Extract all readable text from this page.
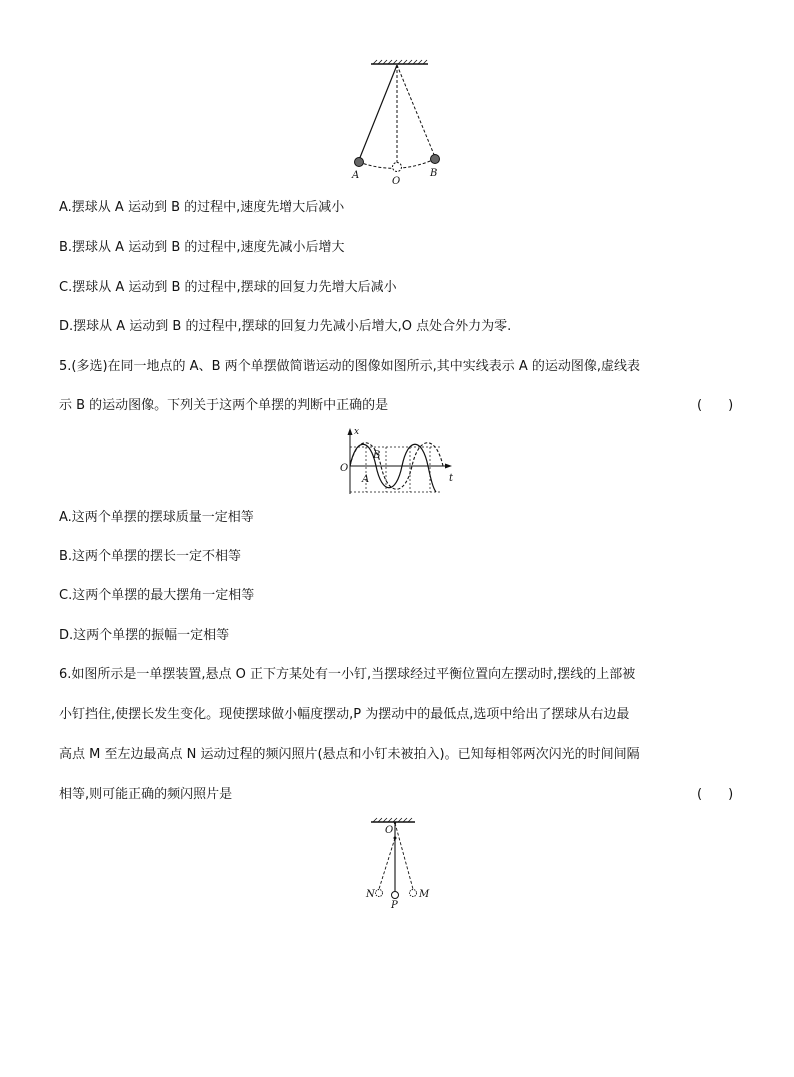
A
O
B
A.摆球从 A 运动到 B 的过程中,速度先增大后减小
B.摆球从 A 运动到 B 的过程中,速度先减小后增大
C.摆球从 A 运动到 B 的过程中,摆球的回复力先增大后减小
D.摆球从 A 运动到 B 的过程中,摆球的回复力先减小后增大,O 点处合外力为零.
5.(多选)在同一地点的 A、B 两个单摆做简谐运动的图像如图所示,其中实线表示 A 的运动图像,虚线表
示 B 的运动图像。下列关于这两个单摆的判断中正确的是	(　　)
x
t
O
B
A
A.这两个单摆的摆球质量一定相等
B.这两个单摆的摆长一定不相等
C.这两个单摆的最大摆角一定相等
D.这两个单摆的振幅一定相等
6.如图所示是一单摆装置,悬点 O 正下方某处有一小钉,当摆球经过平衡位置向左摆动时,摆线的上部被
小钉挡住,使摆长发生变化。现使摆球做小幅度摆动,P 为摆动中的最低点,选项中给出了摆球从右边最
高点 M 至左边最高点 N 运动过程的频闪照片(悬点和小钉未被拍入)。已知每相邻两次闪光的时间间隔
相等,则可能正确的频闪照片是	(　　)
O
N
P
M
